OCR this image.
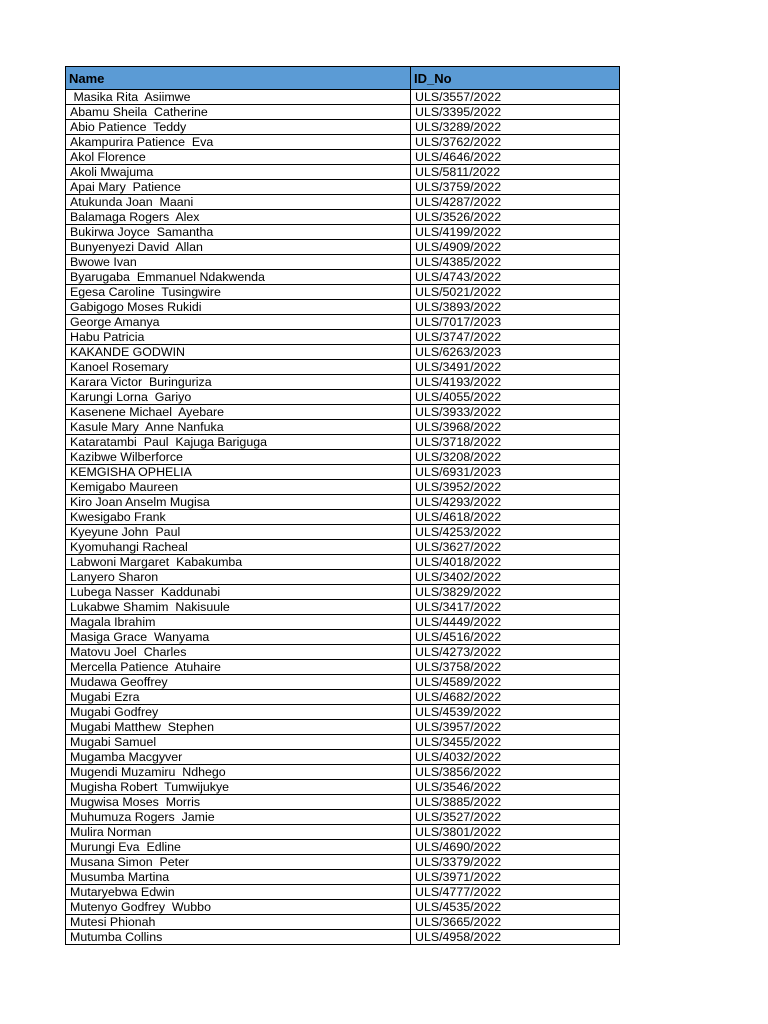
Name	ID_No
Masika Rita  Asiimwe	ULS/3557/2022
Abamu Sheila  Catherine	ULS/3395/2022
Abio Patience  Teddy	ULS/3289/2022
Akampurira Patience  Eva	ULS/3762/2022
Akol Florence	ULS/4646/2022
Akoli Mwajuma	ULS/5811/2022
Apai Mary  Patience	ULS/3759/2022
Atukunda Joan  Maani	ULS/4287/2022
Balamaga Rogers  Alex	ULS/3526/2022
Bukirwa Joyce  Samantha	ULS/4199/2022
Bunyenyezi David  Allan	ULS/4909/2022
Bwowe Ivan	ULS/4385/2022
Byarugaba  Emmanuel Ndakwenda	ULS/4743/2022
Egesa Caroline  Tusingwire	ULS/5021/2022
Gabigogo Moses Rukidi	ULS/3893/2022
George Amanya	ULS/7017/2023
Habu Patricia	ULS/3747/2022
KAKANDE GODWIN	ULS/6263/2023
Kanoel Rosemary	ULS/3491/2022
Karara Victor  Buringuriza	ULS/4193/2022
Karungi Lorna  Gariyo	ULS/4055/2022
Kasenene Michael  Ayebare	ULS/3933/2022
Kasule Mary  Anne Nanfuka	ULS/3968/2022
Kataratambi  Paul  Kajuga Bariguga	ULS/3718/2022
Kazibwe Wilberforce	ULS/3208/2022
KEMGISHA OPHELIA	ULS/6931/2023
Kemigabo Maureen	ULS/3952/2022
Kiro Joan Anselm Mugisa	ULS/4293/2022
Kwesigabo Frank	ULS/4618/2022
Kyeyune John  Paul	ULS/4253/2022
Kyomuhangi Racheal	ULS/3627/2022
Labwoni Margaret  Kabakumba	ULS/4018/2022
Lanyero Sharon	ULS/3402/2022
Lubega Nasser  Kaddunabi	ULS/3829/2022
Lukabwe Shamim  Nakisuule	ULS/3417/2022
Magala Ibrahim	ULS/4449/2022
Masiga Grace  Wanyama	ULS/4516/2022
Matovu Joel  Charles	ULS/4273/2022
Mercella Patience  Atuhaire	ULS/3758/2022
Mudawa Geoffrey	ULS/4589/2022
Mugabi Ezra	ULS/4682/2022
Mugabi Godfrey	ULS/4539/2022
Mugabi Matthew  Stephen	ULS/3957/2022
Mugabi Samuel	ULS/3455/2022
Mugamba Macgyver	ULS/4032/2022
Mugendi Muzamiru  Ndhego	ULS/3856/2022
Mugisha Robert  Tumwijukye	ULS/3546/2022
Mugwisa Moses  Morris	ULS/3885/2022
Muhumuza Rogers  Jamie	ULS/3527/2022
Mulira Norman	ULS/3801/2022
Murungi Eva  Edline	ULS/4690/2022
Musana Simon  Peter	ULS/3379/2022
Musumba Martina	ULS/3971/2022
Mutaryebwa Edwin	ULS/4777/2022
Mutenyo Godfrey  Wubbo	ULS/4535/2022
Mutesi Phionah	ULS/3665/2022
Mutumba Collins	ULS/4958/2022
